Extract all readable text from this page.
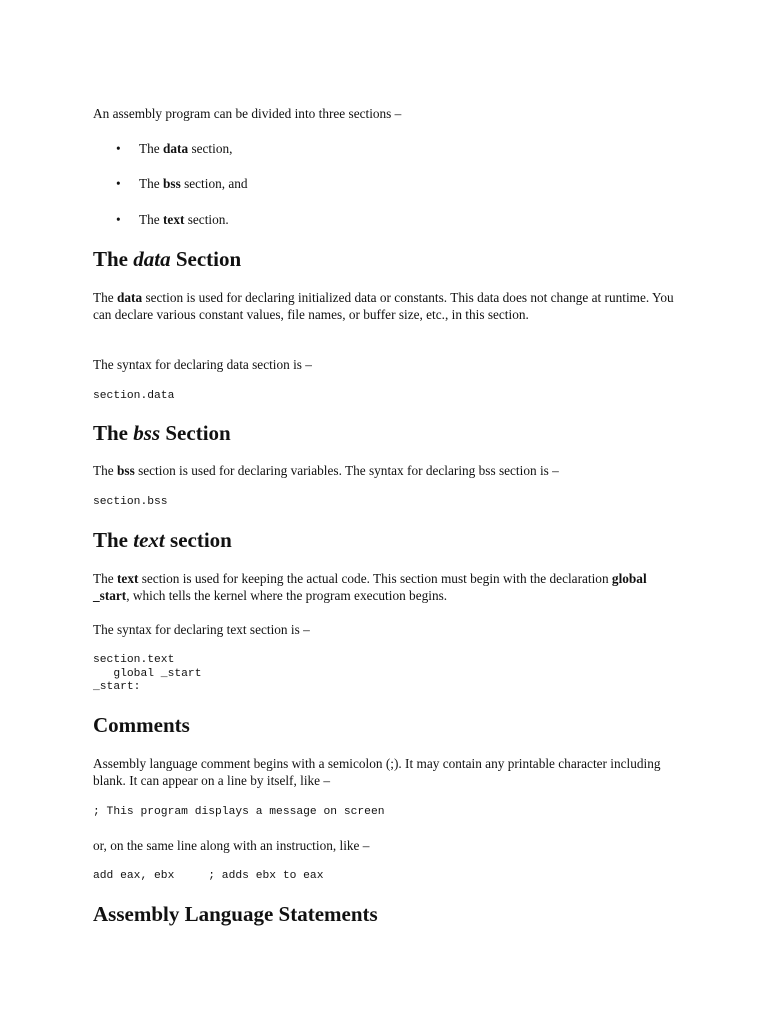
An assembly program can be divided into three sections –

• The data section,
• The bss section, and
• The text section.
The data Section

The data section is used for declaring initialized data or constants. This data does not change at runtime. You can declare various constant values, file names, or buffer size, etc., in this section.

The syntax for declaring data section is –

section.data
The bss Section

The bss section is used for declaring variables. The syntax for declaring bss section is –

section.bss
The text section

The text section is used for keeping the actual code. This section must begin with the declaration global _start, which tells the kernel where the program execution begins.

The syntax for declaring text section is –

section.text
global _start
_start:
Comments

Assembly language comment begins with a semicolon (;). It may contain any printable character including blank. It can appear on a line by itself, like –

; This program displays a message on screen

or, on the same line along with an instruction, like –

add eax, ebx     ; adds ebx to eax
Assembly Language Statements
